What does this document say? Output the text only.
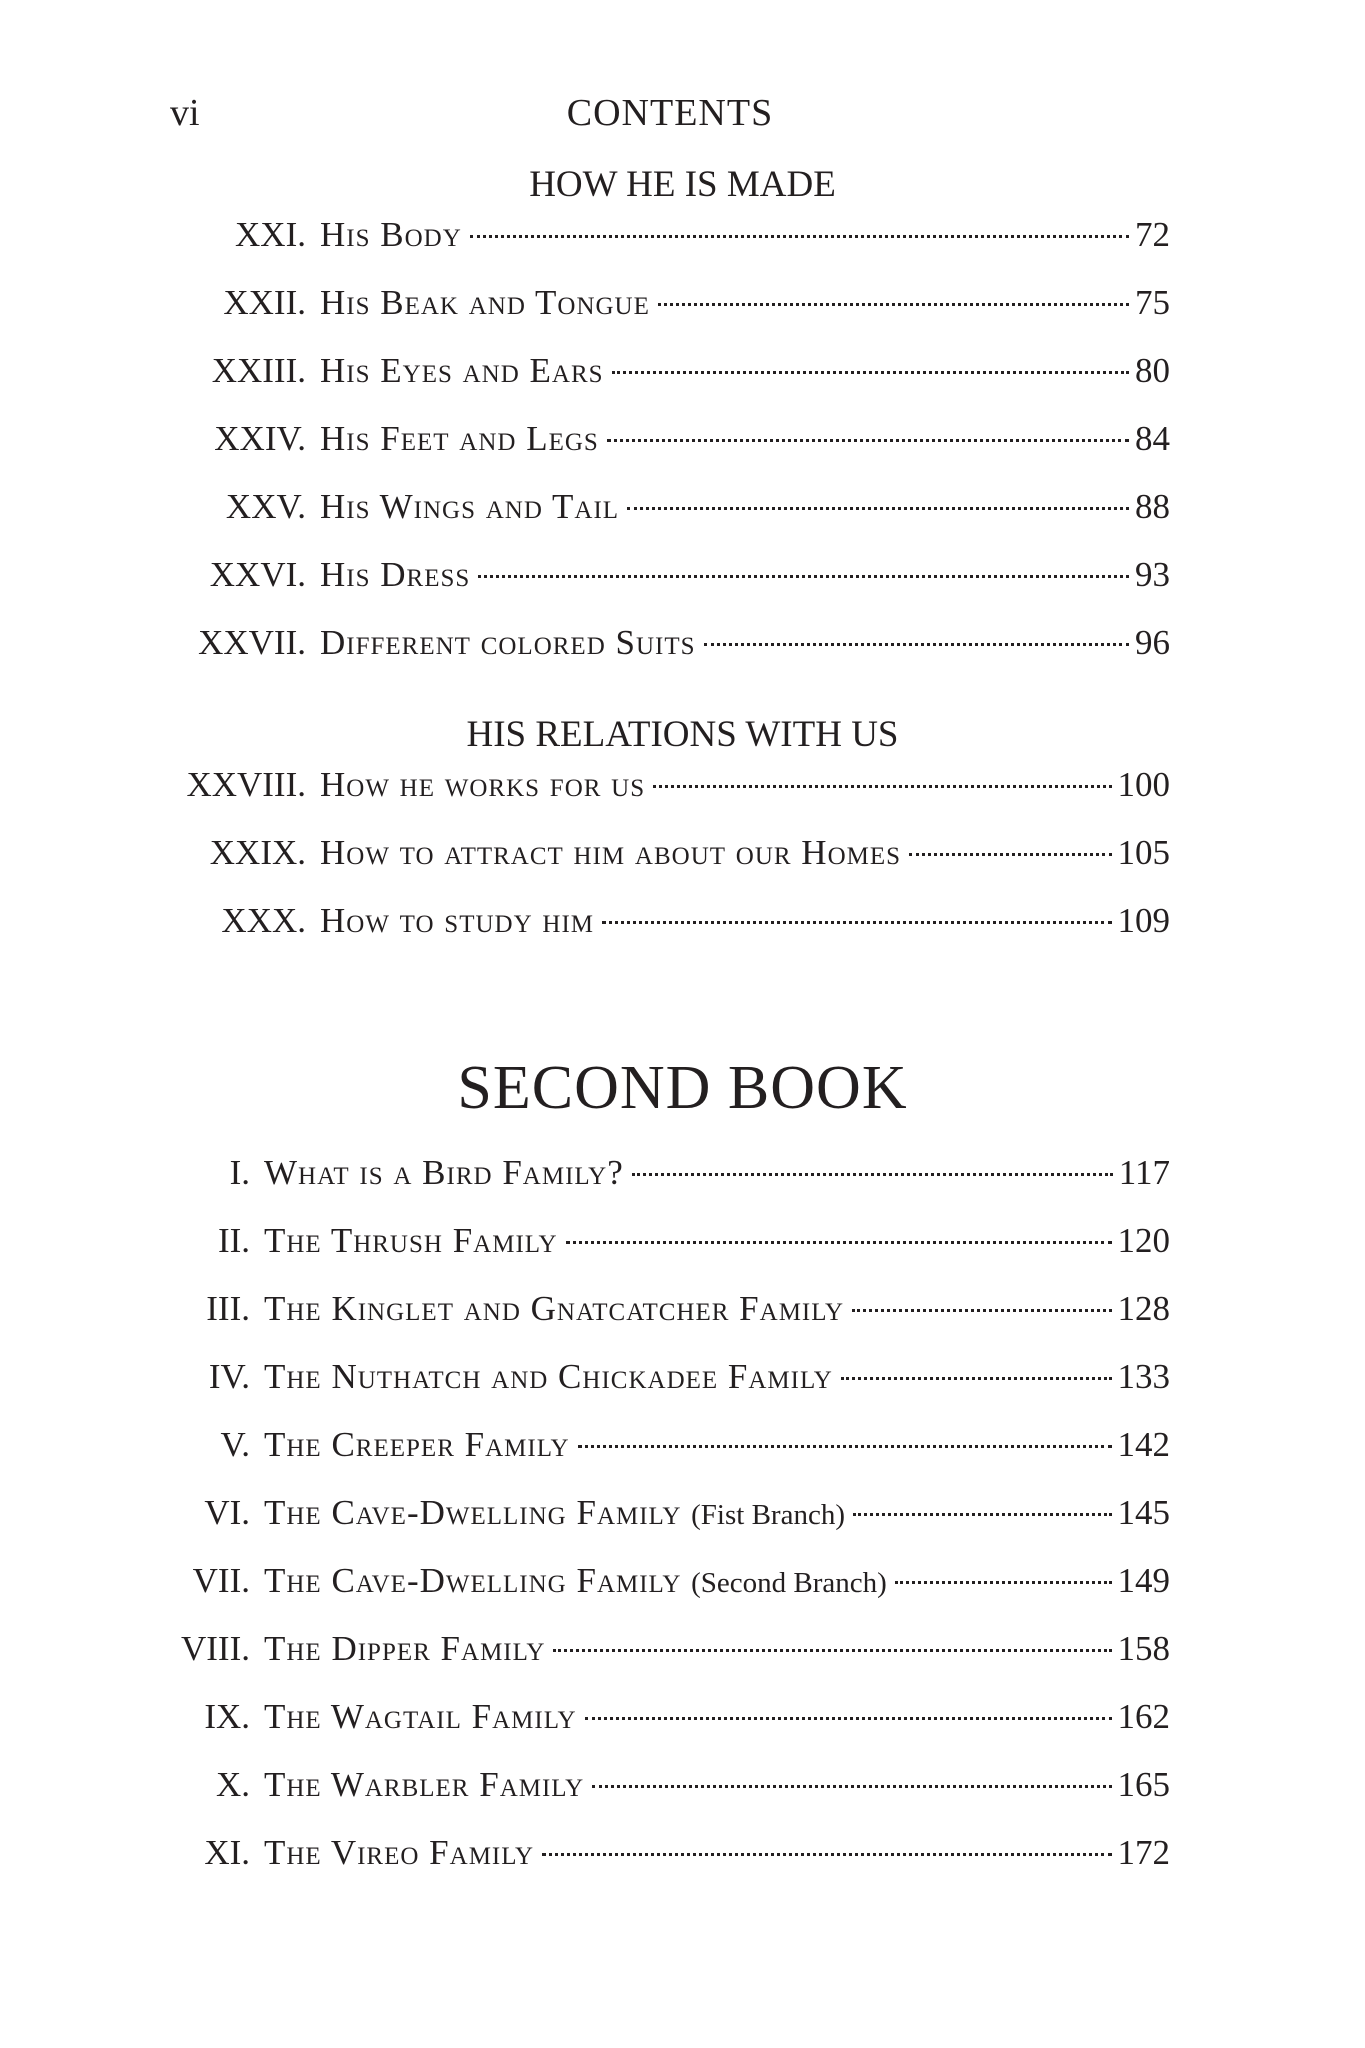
vi	CONTENTS
HOW HE IS MADE
XXI. His Body	72
XXII. His Beak and Tongue	75
XXIII. His Eyes and Ears	80
XXIV. His Feet and Legs	84
XXV. His Wings and Tail	88
XXVI. His Dress	93
XXVII. Different colored Suits	96
HIS RELATIONS WITH US
XXVIII. How he works for us	100
XXIX. How to attract him about our Homes	105
XXX. How to study him	109
SECOND BOOK
I. What is a Bird Family?	117
II. The Thrush Family	120
III. The Kinglet and Gnatcatcher Family	128
IV. The Nuthatch and Chickadee Family	133
V. The Creeper Family	142
VI. The Cave-Dwelling Family (Fist Branch)	145
VII. The Cave-Dwelling Family (Second Branch)	149
VIII. The Dipper Family	158
IX. The Wagtail Family	162
X. The Warbler Family	165
XI. The Vireo Family	172
